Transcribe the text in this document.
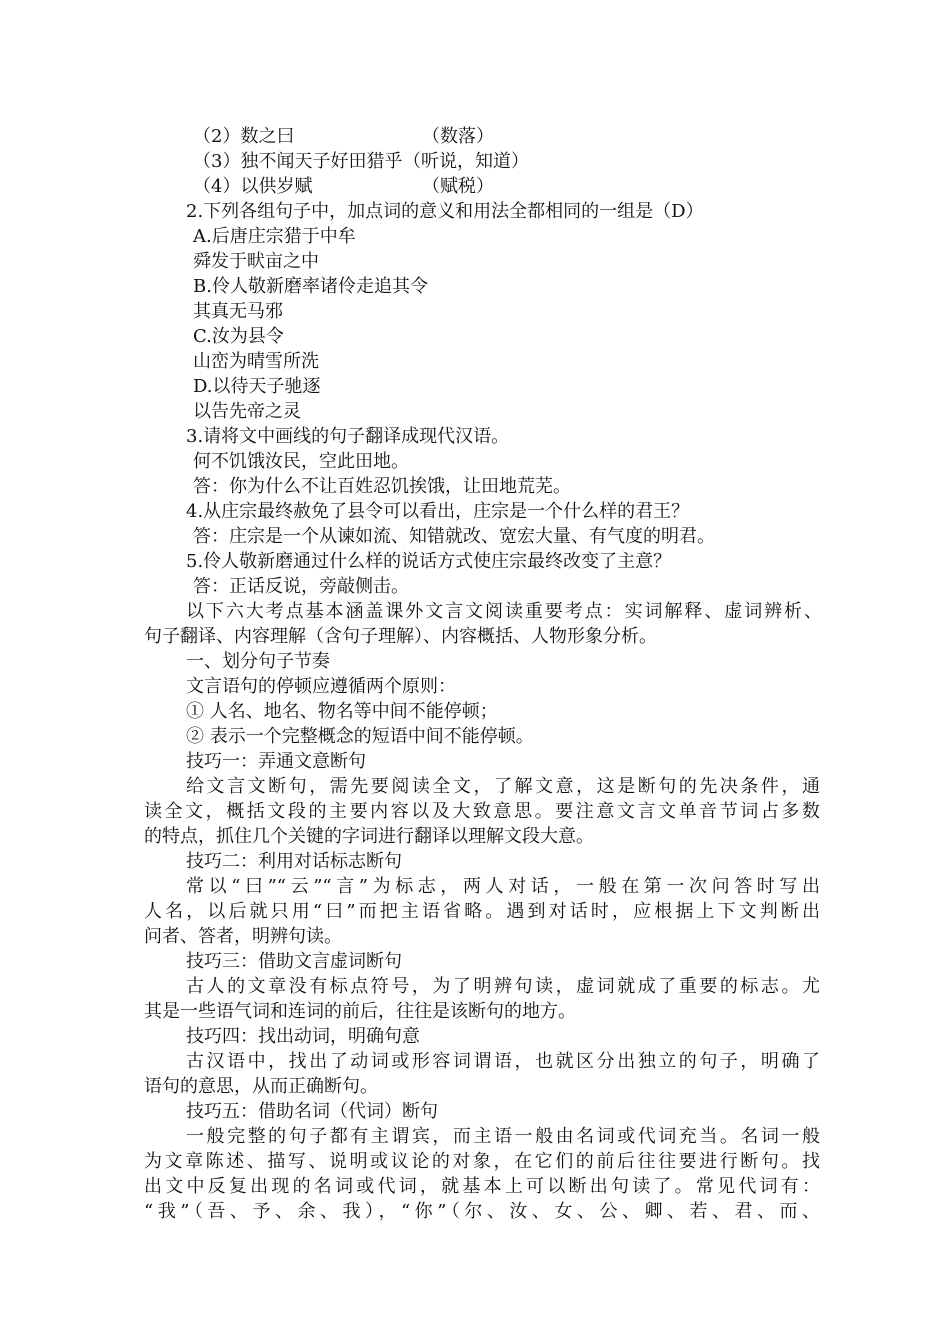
（2）数之曰	（数落）
（3）独不闻天子好田猎乎 （听说，知道）
（4）以供岁赋	（赋税）
2.下列各组句子中，加点词的意义和用法全都相同的一组是（D）
A.后唐庄宗猎于中牟
舜发于畎亩之中
B.伶人敬新磨率诸伶走追其令
其真无马邪
C.汝为县令
山峦为晴雪所洗
D.以待天子驰逐
以告先帝之灵
3.请将文中画线的句子翻译成现代汉语。
何不饥饿汝民，空此田地。
答：你为什么不让百姓忍饥挨饿，让田地荒芜。
4.从庄宗最终赦免了县令可以看出，庄宗是一个什么样的君王？
答：庄宗是一个从谏如流、知错就改、宽宏大量、有气度的明君。
5.伶人敬新磨通过什么样的说话方式使庄宗最终改变了主意？
答：正话反说，旁敲侧击。
以下六大考点基本涵盖课外文言文阅读重要考点：实词解释、虚词辨析、
句子翻译、内容理解（含句子理解）、内容概括、人物形象分析。
一、划分句子节奏
文言语句的停顿应遵循两个原则：
① 人名、地名、物名等中间不能停顿；
② 表示一个完整概念的短语中间不能停顿。
技巧一：弄通文意断句
给文言文断句，需先要阅读全文，了解文意，这是断句的先决条件，通
读全文，概括文段的主要内容以及大致意思。要注意文言文单音节词占多数
的特点，抓住几个关键的字词进行翻译以理解文段大意。
技巧二：利用对话标志断句
常以“曰”“云”“言”为标志，两人对话，一般在第一次问答时写出
人名，以后就只用“曰”而把主语省略。遇到对话时，应根据上下文判断出
问者、答者，明辨句读。
技巧三：借助文言虚词断句
古人的文章没有标点符号，为了明辨句读，虚词就成了重要的标志。尤
其是一些语气词和连词的前后，往往是该断句的地方。
技巧四：找出动词，明确句意
古汉语中，找出了动词或形容词谓语，也就区分出独立的句子，明确了
语句的意思，从而正确断句。
技巧五：借助名词（代词）断句
一般完整的句子都有主谓宾，而主语一般由名词或代词充当。名词一般
为文章陈述、描写、说明或议论的对象，在它们的前后往往要进行断句。找
出文中反复出现的名词或代词，就基本上可以断出句读了。常见代词有：
“我”（吾、予、余、我），“你”（尔、汝、女、公、卿、若、君、而、
